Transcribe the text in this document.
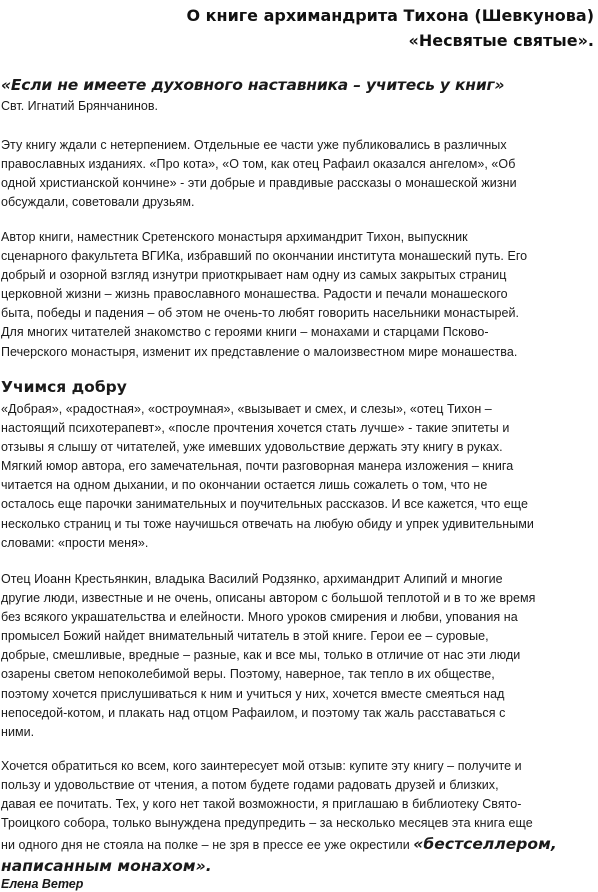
О книге архимандрита Тихона (Шевкунова)
«Несвятые святые».
«Если не имеете духовного наставника – учитесь у книг»
Свт. Игнатий Брянчанинов.
Эту книгу ждали с нетерпением. Отдельные ее части уже публиковались в различных
православных изданиях. «Про кота», «О том, как отец Рафаил оказался ангелом», «Об
одной христианской кончине» - эти добрые и правдивые рассказы о монашеской жизни
обсуждали, советовали друзьям.
Автор книги, наместник Сретенского монастыря архимандрит Тихон, выпускник
сценарного факультета ВГИКа, избравший по окончании института монашеский путь. Его
добрый и озорной взгляд изнутри приоткрывает нам одну из самых закрытых страниц
церковной жизни – жизнь православного монашества. Радости и печали монашеского
быта, победы и падения – об этом не очень-то любят говорить насельники монастырей.
Для многих читателей знакомство с героями книги – монахами и старцами Псково-
Печерского монастыря, изменит их представление о малоизвестном мире монашества.
Учимся добру
«Добрая», «радостная», «остроумная», «вызывает и смех, и слезы», «отец Тихон –
настоящий психотерапевт», «после прочтения хочется стать лучше» - такие эпитеты и
отзывы я слышу от читателей, уже имевших удовольствие держать эту книгу в руках.
Мягкий юмор автора, его замечательная, почти разговорная манера изложения – книга
читается на одном дыхании, и по окончании остается лишь сожалеть о том, что не
осталось еще парочки занимательных и поучительных рассказов. И все кажется, что еще
несколько страниц и ты тоже научишься отвечать на любую обиду и упрек удивительными
словами: «прости меня».
Отец Иоанн Крестьянкин, владыка Василий Родзянко, архимандрит Алипий и многие
другие люди, известные и не очень, описаны автором с большой теплотой и в то же время
без всякого украшательства и елейности. Много уроков смирения и любви, упования на
промысел Божий найдет внимательный читатель в этой книге. Герои ее – суровые,
добрые, смешливые, вредные – разные, как и все мы, только в отличие от нас эти люди
озарены светом непоколебимой веры. Поэтому, наверное, так тепло в их обществе,
поэтому хочется прислушиваться к ним и учиться у них, хочется вместе смеяться над
непоседой-котом, и плакать над отцом Рафаилом, и поэтому так жаль расставаться с
ними.
Хочется обратиться ко всем, кого заинтересует мой отзыв: купите эту книгу – получите и
пользу и удовольствие от чтения, а потом будете годами радовать друзей и близких,
давая ее почитать. Тех, у кого нет такой возможности, я приглашаю в библиотеку Свято-
Троицкого собора, только вынуждена предупредить – за несколько месяцев эта книга еще
ни одного дня не стояла на полке – не зря в прессе ее уже окрестили «бестселлером,
написанным монахом».
Елена Ветер
